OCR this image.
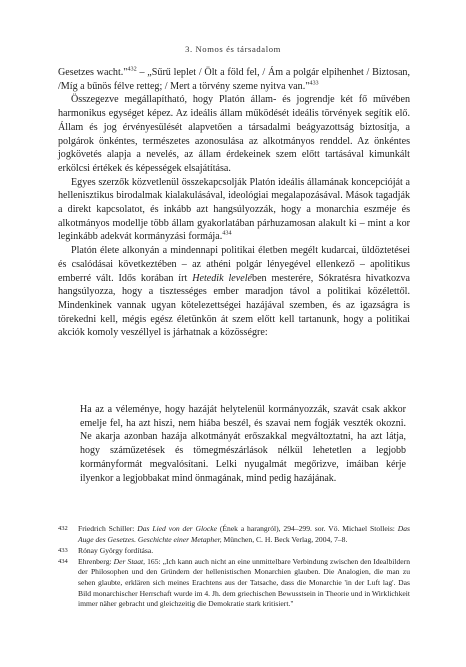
3. Nomos és társadalom

Gesetzes wacht."$^{432}$ – „Sűrű leplet / Ölt a föld fel, / Ám a polgár elpihenhet / Biztosan, /Míg a bűnös félve retteg; / Mert a törvény szeme nyitva van."$^{433}$

Összegezve megállapítható, hogy Platón állam- és jogrendje két fő művében harmonikus egységet képez. Az ideális állam működését ideális törvények segítik elő. Állam és jog érvényesülését alapvetően a társadalmi beágyazottság biztosítja, a polgárok önkéntes, természetes azonosulása az alkotmányos renddel. Az önkéntes jogkövetés alapja a nevelés, az állam érdekeinek szem előtt tartásával kimunkált erkölcsi értékek és képességek elsajátítása.

Egyes szerzők közvetlenül összekapcsolják Platón ideális államának koncepcióját a hellenisztikus birodalmak kialakulásával, ideológiai megalapozásával. Mások tagadják a direkt kapcsolatot, és inkább azt hangsúlyozzák, hogy a monarchia eszméje és alkotmányos modellje több állam gyakorlatában párhuzamosan alakult ki – mint a kor leginkább adekvát kormányzási formája.$^{434}$

Platón élete alkonyán a mindennapi politikai életben megélt kudarcai, üldöztetései és csalódásai következtében – az athéni polgár lényegével ellenkező – apolitikus emberré vált. Idős korában írt Hetedik levelében mesterére, Sókratésra hivatkozva hangsúlyozza, hogy a tisztességes ember maradjon távol a politikai közélettől. Mindenkinek vannak ugyan kötelezettségei hazájával szemben, és az igazságra is törekedni kell, mégis egész életünkön át szem előtt kell tartanunk, hogy a politikai akciók komoly veszéllyel is járhatnak a közösségre:

Ha az a véleménye, hogy hazáját helytelenül kormányozzák, szavát csak akkor emelje fel, ha azt hiszi, nem hiába beszél, és szavai nem fogják veszték okozni. Ne akarja azonban hazája alkotmányát erőszakkal megváltoztatni, ha azt látja, hogy száműzetések és tömegmészárlások nélkül lehetetlen a legjobb kormányformát megvalósítani. Lelki nyugalmát megőrizve, imáiban kérje ilyenkor a legjobbakat mind önmagának, mind pedig hazájának.

432 Friedrich Schiller: Das Lied von der Glocke (Ének a harangról), 294–299. sor. Vö. Michael Stolleis: Das Auge des Gesetzes. Geschichte einer Metapher, München, C. H. Beck Verlag, 2004, 7–8.
433 Rónay György fordítása.
434 Ehrenberg: Der Staat, 165: „Ich kann auch nicht an eine unmittelbare Verbindung zwischen den Idealbildern der Philosophen und den Gründern der hellenistischen Monarchien glauben. Die Analogien, die man zu sehen glaubte, erklären sich meines Erachtens aus der Tatsache, dass die Monarchie 'in der Luft lag'. Das Bild monarchischer Herrschaft wurde im 4. Jh. dem griechischen Bewusstsein in Theorie und in Wirklichkeit immer näher gebracht und gleichzeitig die Demokratie stark kritisiert."
